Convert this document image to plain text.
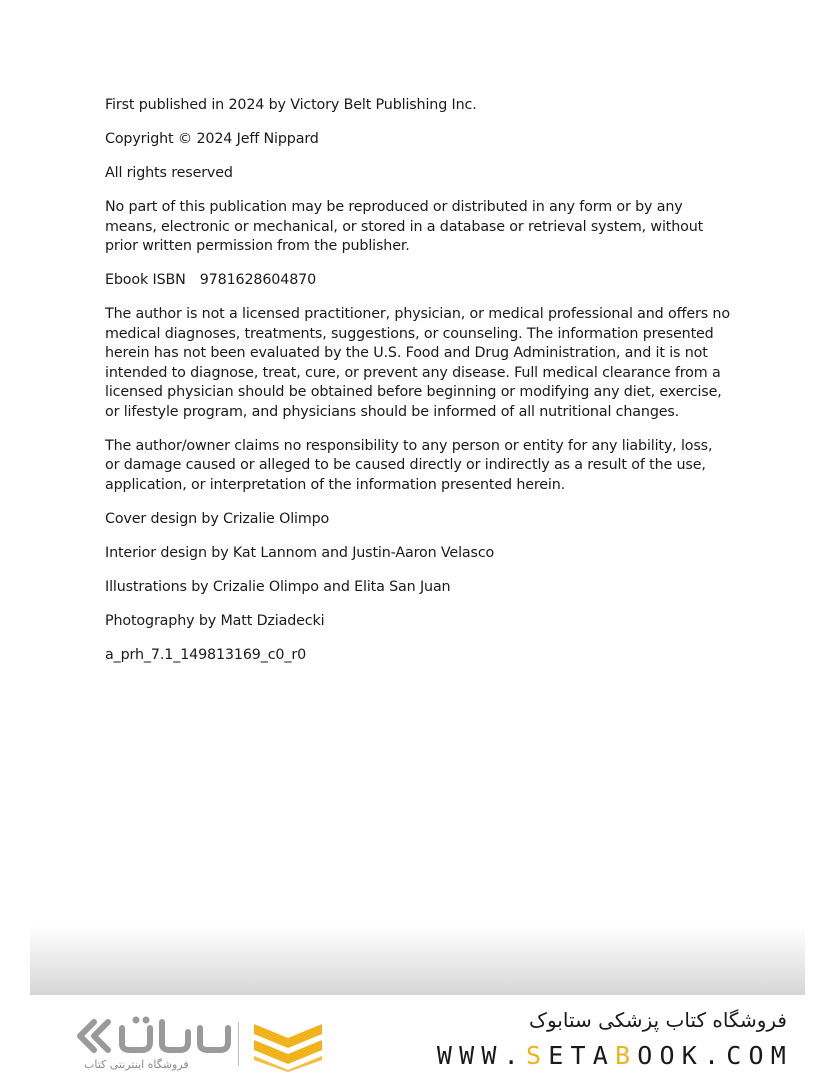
First published in 2024 by Victory Belt Publishing Inc.

Copyright © 2024 Jeff Nippard

All rights reserved

No part of this publication may be reproduced or distributed in any form or by any means, electronic or mechanical, or stored in a database or retrieval system, without prior written permission from the publisher.

Ebook ISBN 9781628604870

The author is not a licensed practitioner, physician, or medical professional and offers no medical diagnoses, treatments, suggestions, or counseling. The information presented herein has not been evaluated by the U.S. Food and Drug Administration, and it is not intended to diagnose, treat, cure, or prevent any disease. Full medical clearance from a licensed physician should be obtained before beginning or modifying any diet, exercise, or lifestyle program, and physicians should be informed of all nutritional changes.

The author/owner claims no responsibility to any person or entity for any liability, loss, or damage caused or alleged to be caused directly or indirectly as a result of the use, application, or interpretation of the information presented herein.

Cover design by Crizalie Olimpo

Interior design by Kat Lannom and Justin-Aaron Velasco

Illustrations by Crizalie Olimpo and Elita San Juan

Photography by Matt Dziadecki

a_prh_7.1_149813169_c0_r0

فروشگاه اینترنتی کتاب
فروشگاه کتاب پزشکی ستابوک
WWW.SETABOOK.COM
